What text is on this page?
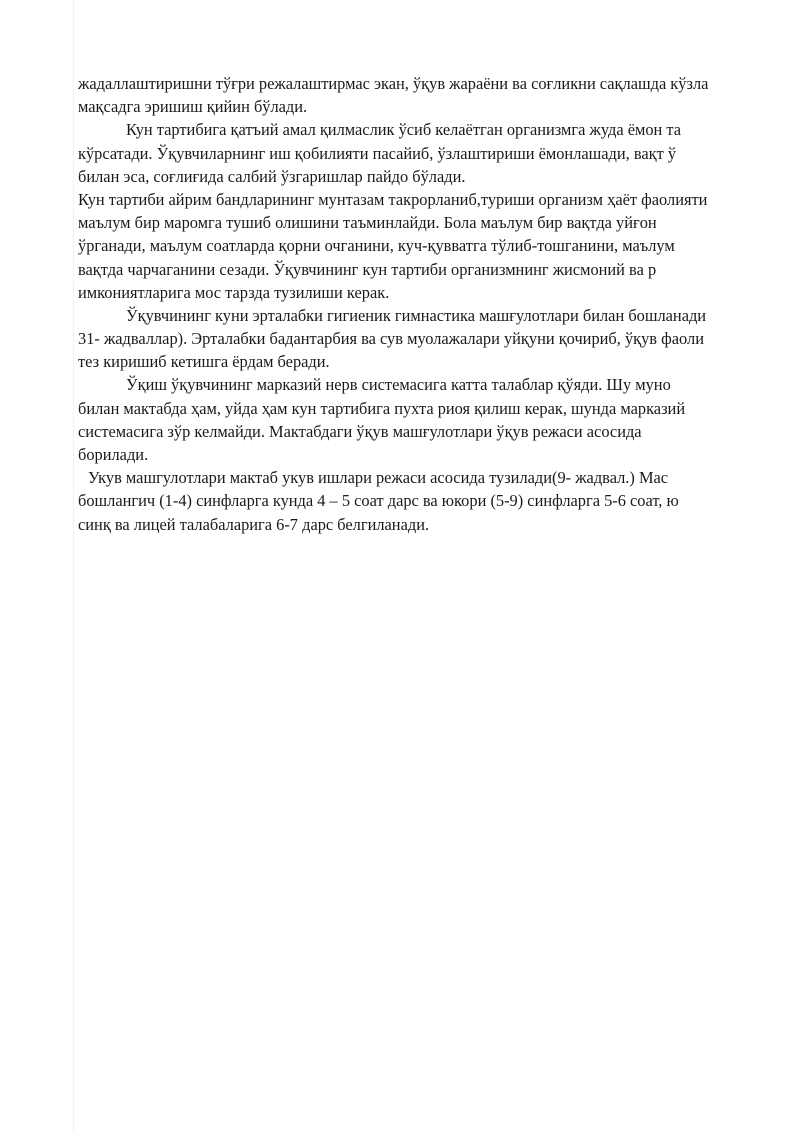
жадаллаштиришни тўғри режалаштирмас экан, ўқув жараёни ва соғликни сақлашда кўзла
мақсадга эришиш қийин бўлади.
Кун тартибига қатъий амал қилмаслик ўсиб келаётган организмга жуда ёмон та
кўрсатади. Ўқувчиларнинг иш қобилияти пасайиб, ўзлаштириши ёмонлашади, вақт ў
билан эса, соғлиғида салбий ўзгаришлар пайдо бўлади.
Кун тартиби айрим бандларининг мунтазам такрорланиб,туриши организм ҳаёт фаолияти
маълум бир маромга тушиб олишини таъминлайди. Бола маълум бир вақтда уйғон
ўрганади, маълум соатларда қорни очганини, куч-қувватга тўлиб-тошганини, маълум
вақтда чарчаганини сезади. Ўқувчининг кун тартиби организмнинг жисмоний ва р
имкониятларига мос тарзда тузилиши керак.
Ўқувчининг куни эрталабки гигиеник гимнастика машғулотлари билан бошланади
31- жадваллар). Эрталабки бадантарбия ва сув муолажалари уйқуни қочириб, ўқув фаоли
тез киришиб кетишга ёрдам беради.
Ўқиш ўқувчининг марказий нерв системасига катта талаблар қўяди. Шу муно
билан мактабда ҳам, уйда ҳам кун тартибига пухта риоя қилиш керак, шунда марказий
системасига зўр келмайди. Мактабдаги ўқув машғулотлари ўқув режаси асосида
борилади.
Укув машгулотлари мактаб укув ишлари режаси асосида тузилади(9- жадвал.) Мас
бошлангич (1-4) синфларга кунда 4 – 5 соат дарс ва юкори (5-9) синфларга 5-6 соат, ю
синқ ва лицей талабаларига 6-7 дарс белгиланади.
